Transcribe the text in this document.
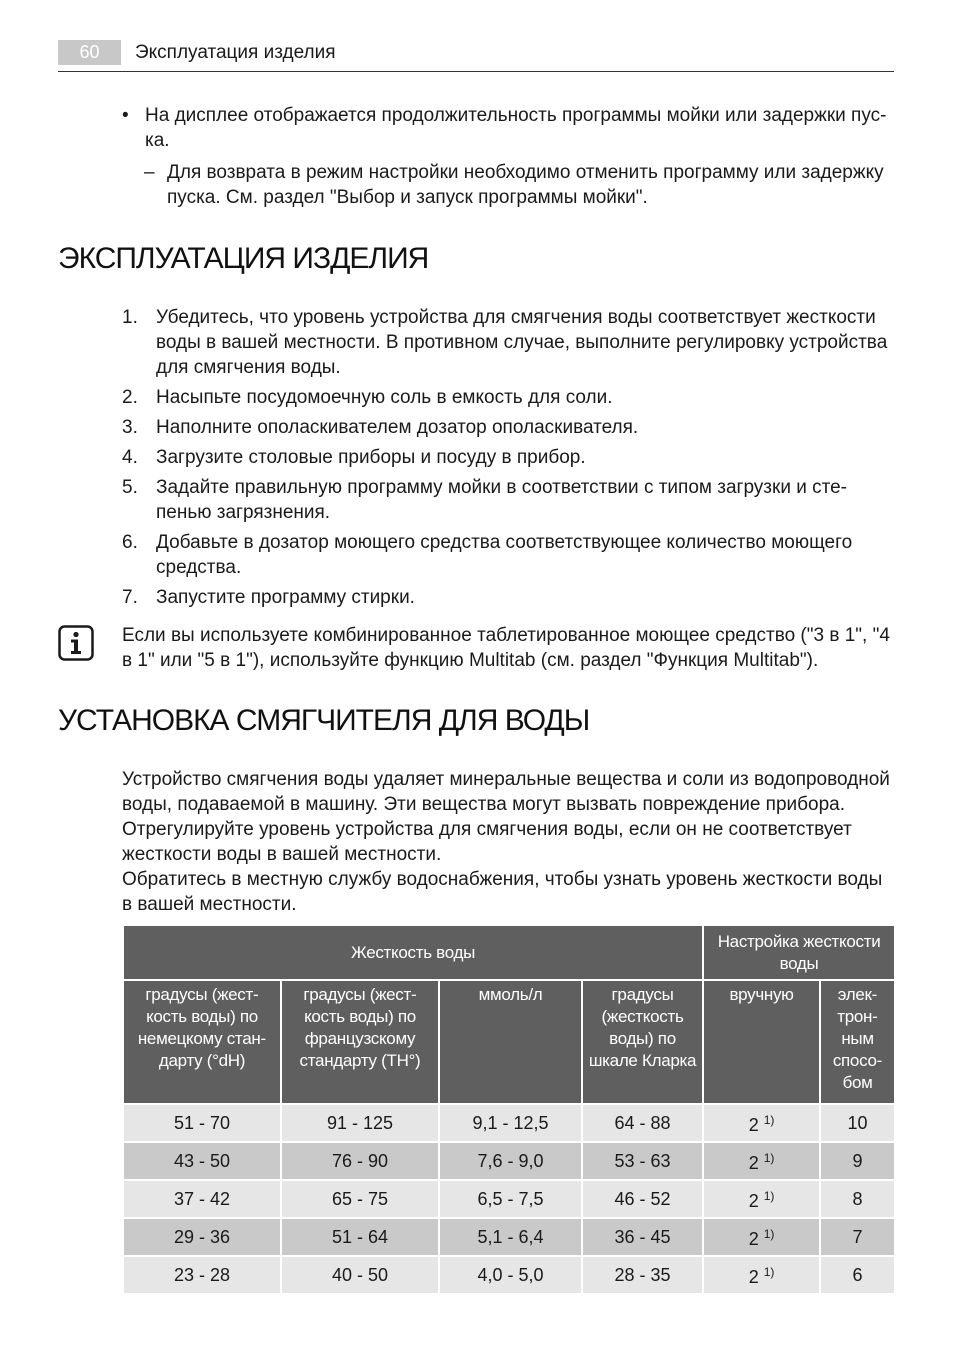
60	Эксплуатация изделия
• На дисплее отображается продолжительность программы мойки или задержки пуска.
– Для возврата в режим настройки необходимо отменить программу или задержку пуска. См. раздел "Выбор и запуск программы мойки".
ЭКСПЛУАТАЦИЯ ИЗДЕЛИЯ
1. Убедитесь, что уровень устройства для смягчения воды соответствует жесткости воды в вашей местности. В противном случае, выполните регулировку устройства для смягчения воды.
2. Насыпьте посудомоечную соль в емкость для соли.
3. Наполните ополаскивателем дозатор ополаскивателя.
4. Загрузите столовые приборы и посуду в прибор.
5. Задайте правильную программу мойки в соответствии с типом загрузки и степенью загрязнения.
6. Добавьте в дозатор моющего средства соответствующее количество моющего средства.
7. Запустите программу стирки.
Если вы используете комбинированное таблетированное моющее средство ("3 в 1", "4 в 1" или "5 в 1"), используйте функцию Multitab (см. раздел "Функция Multitab").
УСТАНОВКА СМЯГЧИТЕЛЯ ДЛЯ ВОДЫ

Устройство смягчения воды удаляет минеральные вещества и соли из водопроводной воды, подаваемой в машину. Эти вещества могут вызвать повреждение прибора. Отрегулируйте уровень устройства для смягчения воды, если он не соответствует жесткости воды в вашей местности.

Обратитесь в местную службу водоснабжения, чтобы узнать уровень жесткости воды в вашей местности.

Жесткость воды				Настройка жесткости воды	
градусы (жесткость воды) по немецкому стандарту (°dH)	градусы (жесткость воды) по французскому стандарту (TH°)	ммоль/л	градусы (жесткость воды) по шкале Кларка	вручную	электронным способом
51 - 70	91 - 125	9,1 - 12,5	64 - 88	2 $^{1)}$	10
43 - 50	76 - 90	7,6 - 9,0	53 - 63	2 $^{1)}$	9
37 - 42	65 - 75	6,5 - 7,5	46 - 52	2 $^{1)}$	8
29 - 36	51 - 64	5,1 - 6,4	36 - 45	2 $^{1)}$	7
23 - 28	40 - 50	4,0 - 5,0	28 - 35	2 $^{1)}$	6
